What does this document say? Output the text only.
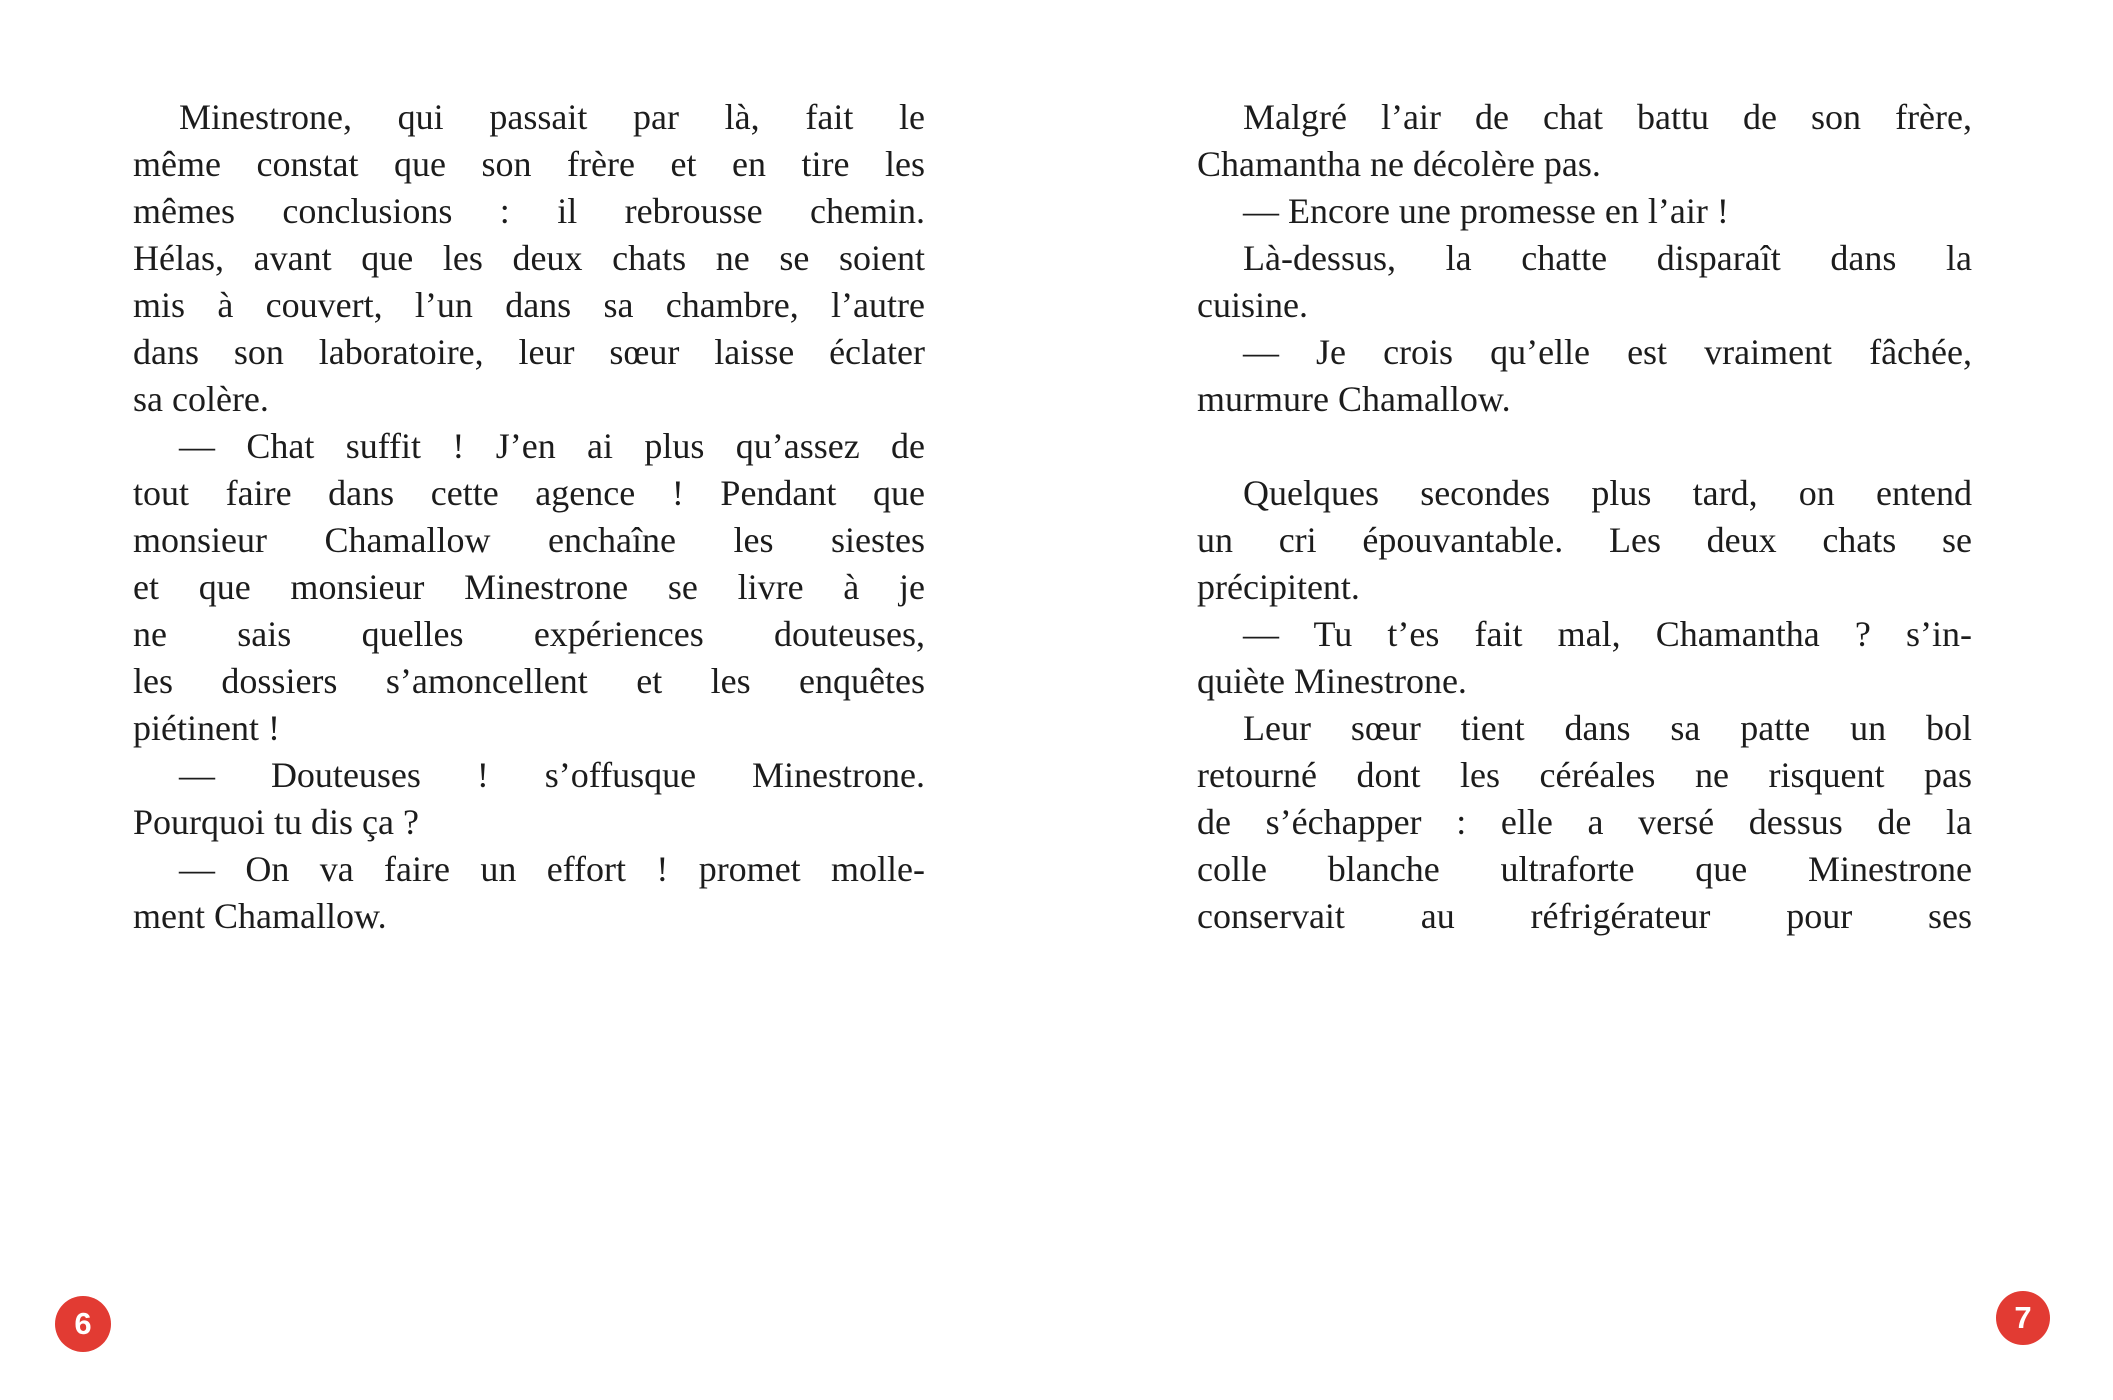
Minestrone, qui passait par là, fait le
même constat que son frère et en tire les
mêmes conclusions : il rebrousse chemin.
Hélas, avant que les deux chats ne se soient
mis à couvert, l’un dans sa chambre, l’autre
dans son laboratoire, leur sœur laisse éclater
sa colère.
— Chat suffit ! J’en ai plus qu’assez de
tout faire dans cette agence ! Pendant que
monsieur Chamallow enchaîne les siestes
et que monsieur Minestrone se livre à je
ne sais quelles expériences douteuses,
les dossiers s’amoncellent et les enquêtes
piétinent !
— Douteuses ! s’offusque Minestrone.
Pourquoi tu dis ça ?
— On va faire un effort ! promet molle-
ment Chamallow.
Malgré l’air de chat battu de son frère,
Chamantha ne décolère pas.
— Encore une promesse en l’air !
Là-dessus, la chatte disparaît dans la
cuisine.
— Je crois qu’elle est vraiment fâchée,
murmure Chamallow.
Quelques secondes plus tard, on entend
un cri épouvantable. Les deux chats se
précipitent.
— Tu t’es fait mal, Chamantha ? s’in-
quiète Minestrone.
Leur sœur tient dans sa patte un bol
retourné dont les céréales ne risquent pas
de s’échapper : elle a versé dessus de la
colle blanche ultraforte que Minestrone
conservait au réfrigérateur pour ses
6	7
